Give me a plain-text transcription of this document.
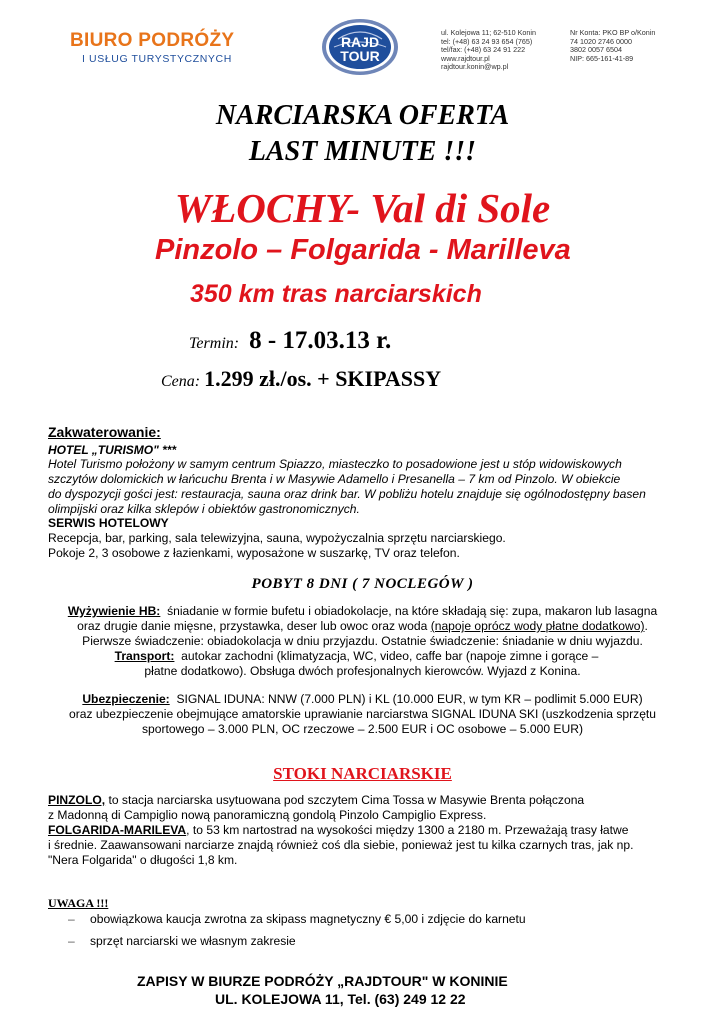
BIURO PODRÓŻY
I USŁUG TURYSTYCZNYCH
RAJD
TOUR
ul. Kolejowa 11; 62-510 Konin
tel: (+48) 63 24 93 654 (765)
tel/fax: (+48) 63 24 91 222
www.rajdtour.pl
rajdtour.konin@wp.pl
Nr Konta: PKO BP o/Konin
74 1020 2746 0000
3802 0057 6504
NIP: 665-161-41-89
NARCIARSKA OFERTA
LAST MINUTE !!!
WŁOCHY- Val di Sole
Pinzolo – Folgarida - Marilleva
350 km tras narciarskich
Termin: 8 - 17.03.13 r.
Cena: 1.299 zł./os. + SKIPASSY
Zakwaterowanie:
HOTEL „TURISMO" ***
Hotel Turismo położony w samym centrum Spiazzo, miasteczko to posadowione jest u stóp widowiskowych
szczytów dolomickich w łańcuchu Brenta i w Masywie Adamello i Presanella – 7 km od Pinzolo. W obiekcie
do dyspozycji gości jest: restauracja, sauna oraz drink bar. W pobliżu hotelu znajduje się ogólnodostępny basen
olimpijski oraz kilka sklepów i obiektów gastronomicznych.
SERWIS HOTELOWY
Recepcja, bar, parking, sala telewizyjna, sauna, wypożyczalnia sprzętu narciarskiego.
Pokoje 2, 3 osobowe z łazienkami, wyposażone w suszarkę, TV oraz telefon.
POBYT 8 DNI ( 7 NOCLEGÓW )
Wyżywienie HB: śniadanie w formie bufetu i obiadokolacje, na które składają się: zupa, makaron lub lasagna
oraz drugie danie mięsne, przystawka, deser lub owoc oraz woda (napoje oprócz wody płatne dodatkowo).
Pierwsze świadczenie: obiadokolacja w dniu przyjazdu. Ostatnie świadczenie: śniadanie w dniu wyjazdu.
Transport: autokar zachodni (klimatyzacja, WC, video, caffe bar (napoje zimne i gorące –
płatne dodatkowo). Obsługa dwóch profesjonalnych kierowców. Wyjazd z Konina.
Ubezpieczenie: SIGNAL IDUNA: NNW (7.000 PLN) i KL (10.000 EUR, w tym KR – podlimit 5.000 EUR)
oraz ubezpieczenie obejmujące amatorskie uprawianie narciarstwa SIGNAL IDUNA SKI (uszkodzenia sprzętu
sportowego – 3.000 PLN, OC rzeczowe – 2.500 EUR i OC osobowe – 5.000 EUR)
STOKI NARCIARSKIE
PINZOLO, to stacja narciarska usytuowana pod szczytem Cima Tossa w Masywie Brenta połączona
z Madonną di Campiglio nową panoramiczną gondolą Pinzolo Campiglio Express.
FOLGARIDA-MARILEVA, to 53 km nartostrad na wysokości między 1300 a 2180 m. Przeważają trasy łatwe
i średnie. Zaawansowani narciarze znajdą również coś dla siebie, ponieważ jest tu kilka czarnych tras, jak np.
"Nera Folgarida" o długości 1,8 km.
UWAGA !!!
– obowiązkowa kaucja zwrotna za skipass magnetyczny € 5,00 i zdjęcie do karnetu
– sprzęt narciarski we własnym zakresie
ZAPISY W BIURZE PODRÓŻY „RAJDTOUR" W KONINIE
UL. KOLEJOWA 11, Tel. (63) 249 12 22
